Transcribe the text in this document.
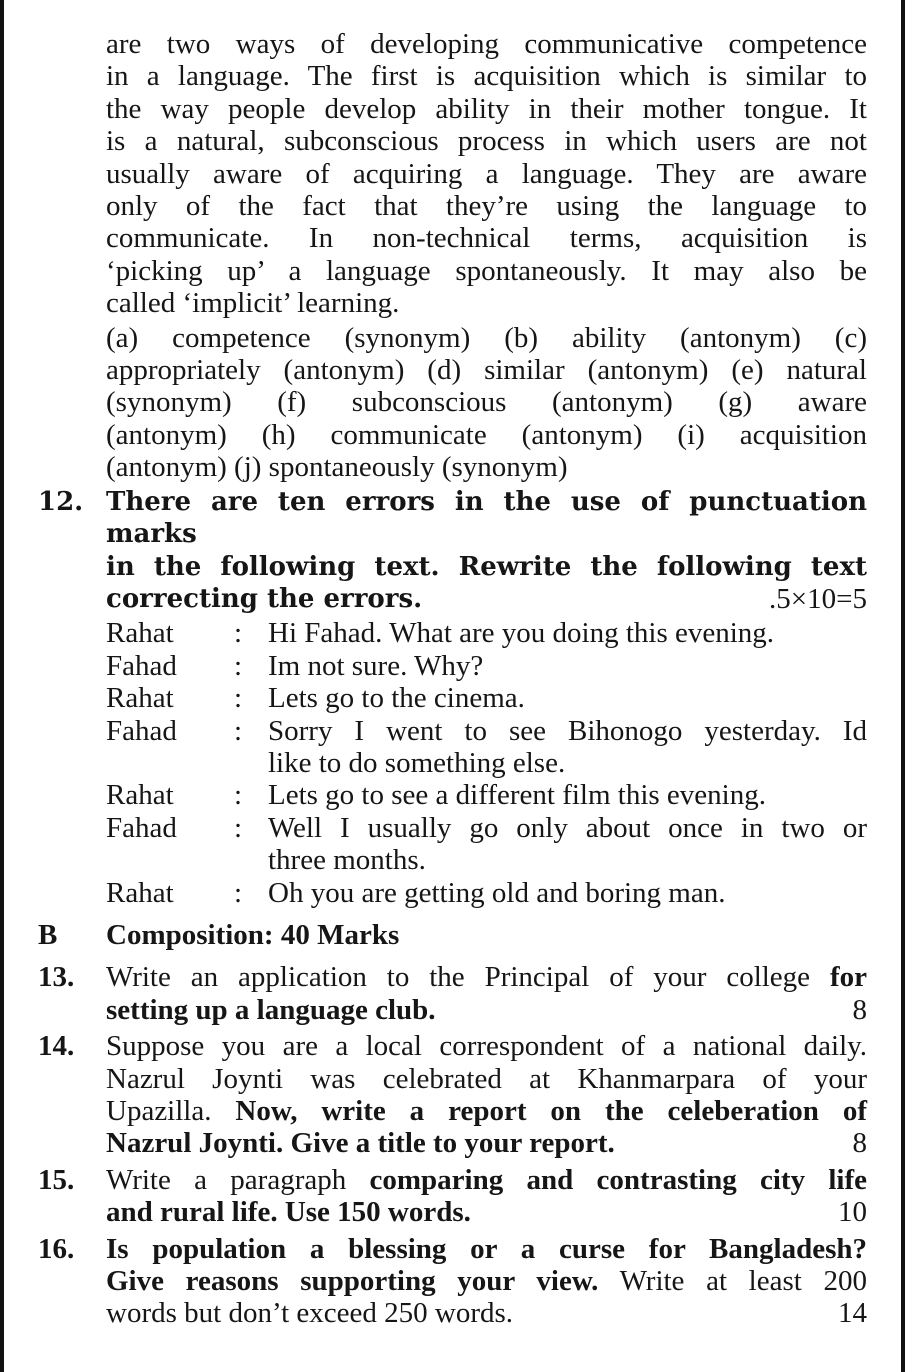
are two ways of developing communicative competence
in a language. The first is acquisition which is similar to
the way people develop ability in their mother tongue. It
is a natural, subconscious process in which users are not
usually aware of acquiring a language. They are aware
only of the fact that they’re using the language to
communicate. In non-technical terms, acquisition is
‘picking up’ a language spontaneously. It may also be
called ‘implicit’ learning.
(a) competence (synonym) (b) ability (antonym) (c)
appropriately (antonym) (d) similar (antonym) (e) natural
(synonym) (f) subconscious (antonym) (g) aware
(antonym) (h) communicate (antonym) (i) acquisition
(antonym) (j) spontaneously (synonym)
12. There are ten errors in the use of punctuation marks
in the following text. Rewrite the following text
correcting the errors.	.5×10=5
Rahat	: Hi Fahad. What are you doing this evening.
Fahad	: Im not sure. Why?
Rahat	: Lets go to the cinema.
Fahad	: Sorry I went to see Bihonogo yesterday. Id
like to do something else.
Rahat	: Lets go to see a different film this evening.
Fahad	: Well I usually go only about once in two or
three months.
Rahat	: Oh you are getting old and boring man.
B Composition: 40 Marks
13. Write an application to the Principal of your college for
setting up a language club.	8
14. Suppose you are a local correspondent of a national daily.
Nazrul Joynti was celebrated at Khanmarpara of your
Upazilla. Now, write a report on the celeberation of
Nazrul Joynti. Give a title to your report.	8
15. Write a paragraph comparing and contrasting city life
and rural life. Use 150 words.	10
16. Is population a blessing or a curse for Bangladesh?
Give reasons supporting your view. Write at least 200
words but don’t exceed 250 words.	14
